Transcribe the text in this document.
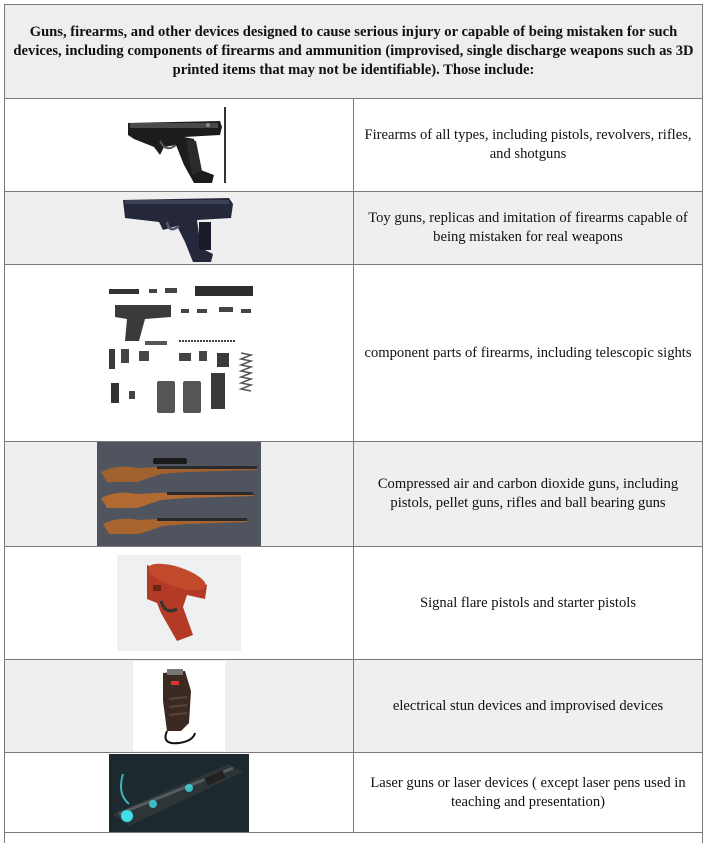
Guns, firearms, and other devices designed to cause serious injury or capable of being mistaken for such devices, including components of firearms and ammunition (improvised, single discharge weapons such as 3D printed items that may not be identifiable). Those include:	

	Firearms of all types, including pistols, revolvers, rifles, and shotguns

	Toy guns, replicas and imitation of firearms capable of being mistaken for real weapons

	component parts of firearms, including telescopic sights

	Compressed air and carbon dioxide guns, including pistols, pellet guns, rifles and ball bearing guns

	Signal flare pistols and starter pistols

	electrical stun devices and improvised devices

	Laser guns or laser devices ( except laser pens used in teaching and presentation)
